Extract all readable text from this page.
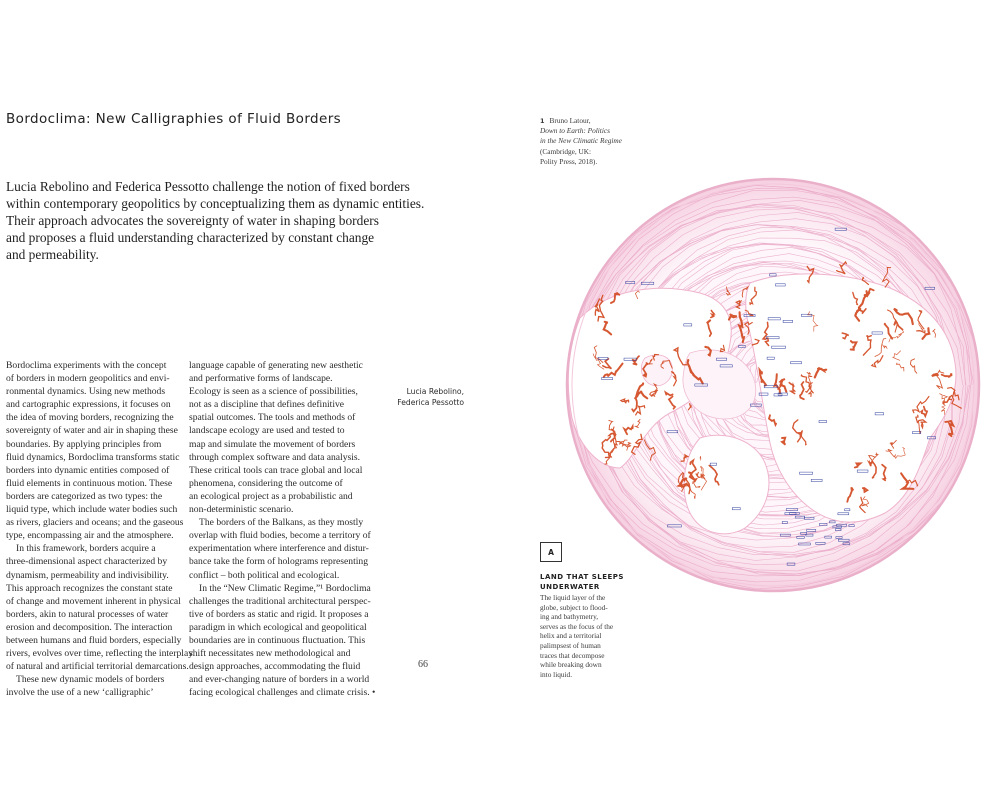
Bordoclima: New Calligraphies of Fluid Borders
Lucia Rebolino and Federica Pessotto challenge the notion of fixed borders
within contemporary geopolitics by conceptualizing them as dynamic entities.
Their approach advocates the sovereignty of water in shaping borders
and proposes a fluid understanding characterized by constant change
and permeability.
Bordoclima experiments with the concept
of borders in modern geopolitics and envi-
ronmental dynamics. Using new methods
and cartographic expressions, it focuses on
the idea of moving borders, recognizing the
sovereignty of water and air in shaping these
boundaries. By applying principles from
fluid dynamics, Bordoclima transforms static
borders into dynamic entities composed of
fluid elements in continuous motion. These
borders are categorized as two types: the
liquid type, which include water bodies such
as rivers, glaciers and oceans; and the gaseous
type, encompassing air and the atmosphere.
In this framework, borders acquire a
three-dimensional aspect characterized by
dynamism, permeability and indivisibility.
This approach recognizes the constant state
of change and movement inherent in physical
borders, akin to natural processes of water
erosion and decomposition. The interaction
between humans and fluid borders, especially
rivers, evolves over time, reflecting the interplay
of natural and artificial territorial demarcations.
These new dynamic models of borders
involve the use of a new ‘calligraphic’
language capable of generating new aesthetic
and performative forms of landscape.
Ecology is seen as a science of possibilities,
not as a discipline that defines definitive
spatial outcomes. The tools and methods of
landscape ecology are used and tested to
map and simulate the movement of borders
through complex software and data analysis.
These critical tools can trace global and local
phenomena, considering the outcome of
an ecological project as a probabilistic and
non-deterministic scenario.
The borders of the Balkans, as they mostly
overlap with fluid bodies, become a territory of
experimentation where interference and distur-
bance take the form of holograms representing
conflict – both political and ecological.
In the “New Climatic Regime,”¹ Bordoclima
challenges the traditional architectural perspec-
tive of borders as static and rigid. It proposes a
paradigm in which ecological and geopolitical
boundaries are in continuous fluctuation. This
shift necessitates new methodological and
design approaches, accommodating the fluid
and ever-changing nature of borders in a world
facing ecological challenges and climate crisis. •
Lucia Rebolino,
Federica Pessotto
66
1 Bruno Latour,
Down to Earth: Politics
in the New Climatic Regime
(Cambridge, UK:
Polity Press, 2018).
A
LAND THAT SLEEPS
UNDERWATER
The liquid layer of the
globe, subject to flood-
ing and bathymetry,
serves as the focus of the
helix and a territorial
palimpsest of human
traces that decompose
while breaking down
into liquid.
